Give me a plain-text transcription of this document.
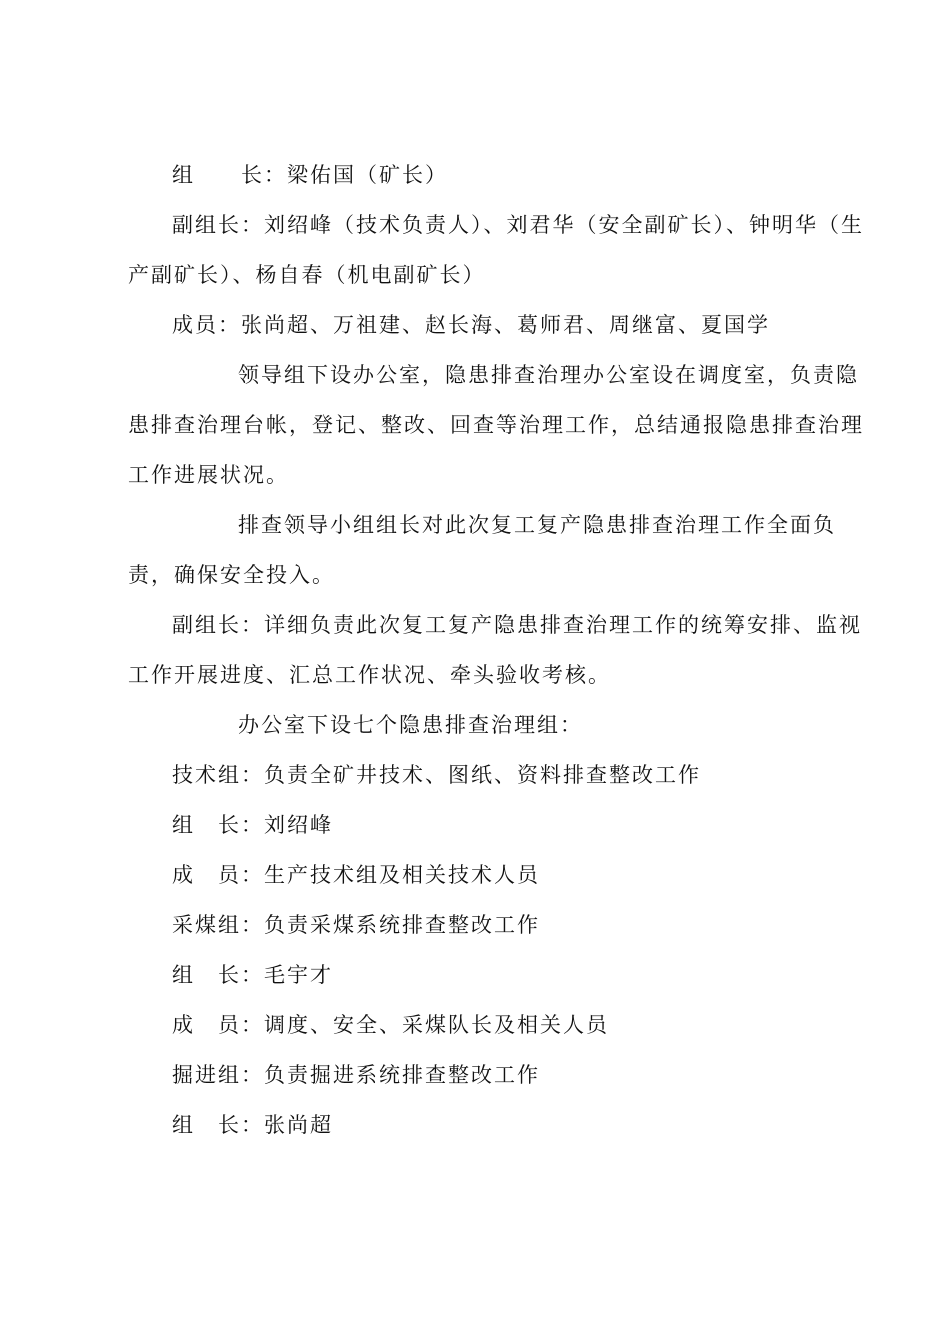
组　　长：梁佑国（矿长）

副组长：刘绍峰（技术负责人）、刘君华（安全副矿长）、钟明华（生

产副矿长）、杨自春（机电副矿长）

成员：张尚超、万祖建、赵长海、葛师君、周继富、夏国学

领导组下设办公室，隐患排查治理办公室设在调度室，负责隐

患排查治理台帐，登记、整改、回查等治理工作，总结通报隐患排查治理

工作进展状况。

排查领导小组组长对此次复工复产隐患排查治理工作全面负

责，确保安全投入。

副组长：详细负责此次复工复产隐患排查治理工作的统筹安排、监视

工作开展进度、汇总工作状况、牵头验收考核。

办公室下设七个隐患排查治理组：

技术组：负责全矿井技术、图纸、资料排查整改工作

组　长：刘绍峰

成　员：生产技术组及相关技术人员

采煤组：负责采煤系统排查整改工作

组　长：毛宇才

成　员：调度、安全、采煤队长及相关人员

掘进组：负责掘进系统排查整改工作

组　长：张尚超
